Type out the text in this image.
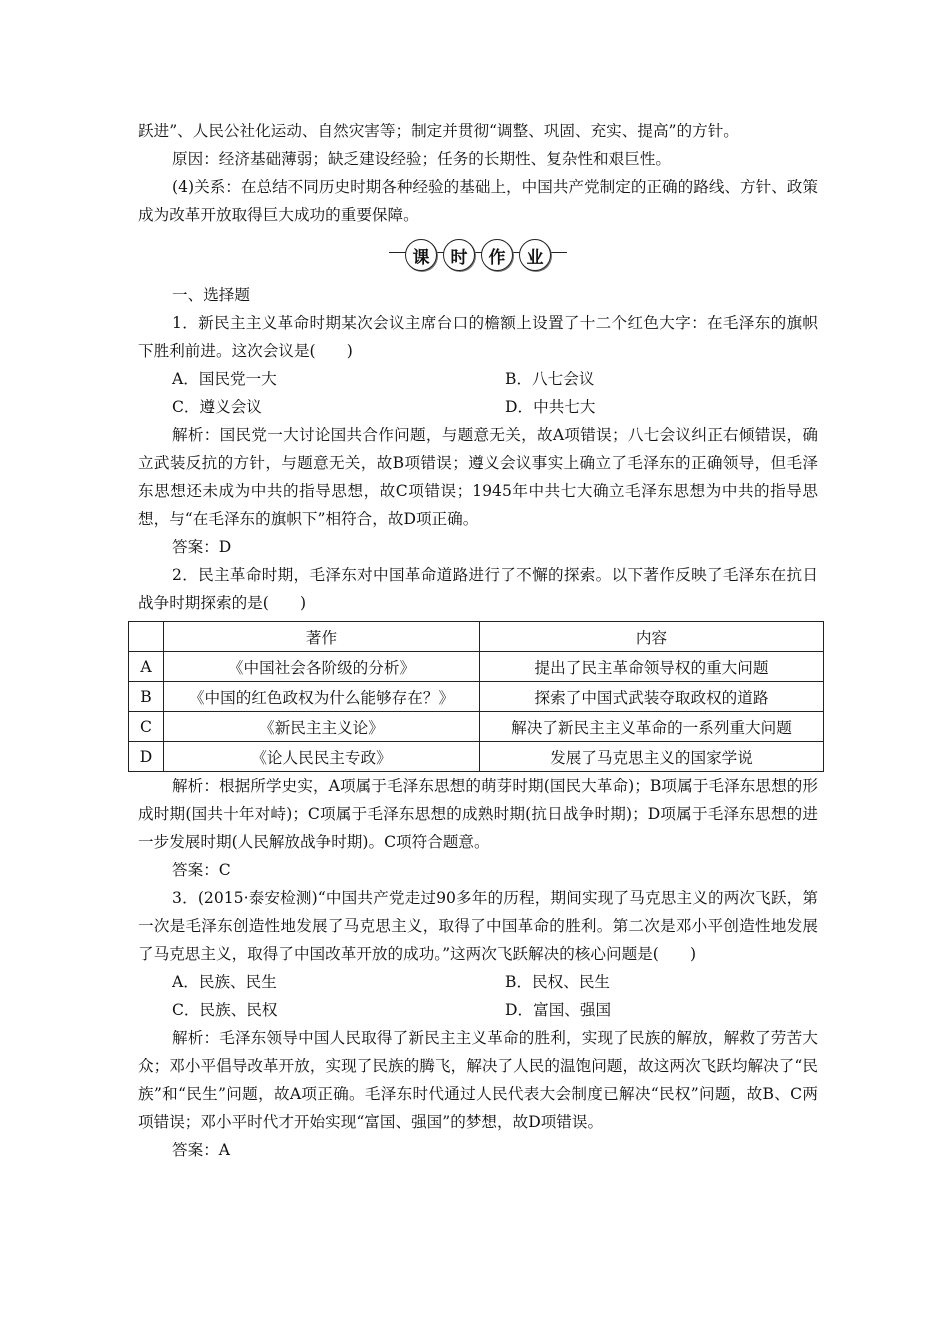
跃进”、人民公社化运动、自然灾害等；制定并贯彻“调整、巩固、充实、提高”的方针。

原因：经济基础薄弱；缺乏建设经验；任务的长期性、复杂性和艰巨性。

(4)关系：在总结不同历史时期各种经验的基础上，中国共产党制定的正确的路线、方针、政策成为改革开放取得巨大成功的重要保障。

课	时	作	业

一、选择题

1．新民主主义革命时期某次会议主席台口的檐额上设置了十二个红色大字：在毛泽东的旗帜下胜利前进。这次会议是(　　)

A．国民党一大	B．八七会议
C．遵义会议	D．中共七大

解析：国民党一大讨论国共合作问题，与题意无关，故A项错误；八七会议纠正右倾错误，确立武装反抗的方针，与题意无关，故B项错误；遵义会议事实上确立了毛泽东的正确领导，但毛泽东思想还未成为中共的指导思想，故C项错误；1945年中共七大确立毛泽东思想为中共的指导思想，与“在毛泽东的旗帜下”相符合，故D项正确。

答案：D

2．民主革命时期，毛泽东对中国革命道路进行了不懈的探索。以下著作反映了毛泽东在抗日战争时期探索的是(　　)

	著作	内容
A	《中国社会各阶级的分析》	提出了民主革命领导权的重大问题
B	《中国的红色政权为什么能够存在？》	探索了中国式武装夺取政权的道路
C	《新民主主义论》	解决了新民主主义革命的一系列重大问题
D	《论人民民主专政》	发展了马克思主义的国家学说

解析：根据所学史实，A项属于毛泽东思想的萌芽时期(国民大革命)；B项属于毛泽东思想的形成时期(国共十年对峙)；C项属于毛泽东思想的成熟时期(抗日战争时期)；D项属于毛泽东思想的进一步发展时期(人民解放战争时期)。C项符合题意。

答案：C

3．(2015·泰安检测)“中国共产党走过90多年的历程，期间实现了马克思主义的两次飞跃，第一次是毛泽东创造性地发展了马克思主义，取得了中国革命的胜利。第二次是邓小平创造性地发展了马克思主义，取得了中国改革开放的成功。”这两次飞跃解决的核心问题是(　　)

A．民族、民生	B．民权、民生
C．民族、民权	D．富国、强国

解析：毛泽东领导中国人民取得了新民主主义革命的胜利，实现了民族的解放，解救了劳苦大众；邓小平倡导改革开放，实现了民族的腾飞，解决了人民的温饱问题，故这两次飞跃均解决了“民族”和“民生”问题，故A项正确。毛泽东时代通过人民代表大会制度已解决“民权”问题，故B、C两项错误；邓小平时代才开始实现“富国、强国”的梦想，故D项错误。

答案：A
